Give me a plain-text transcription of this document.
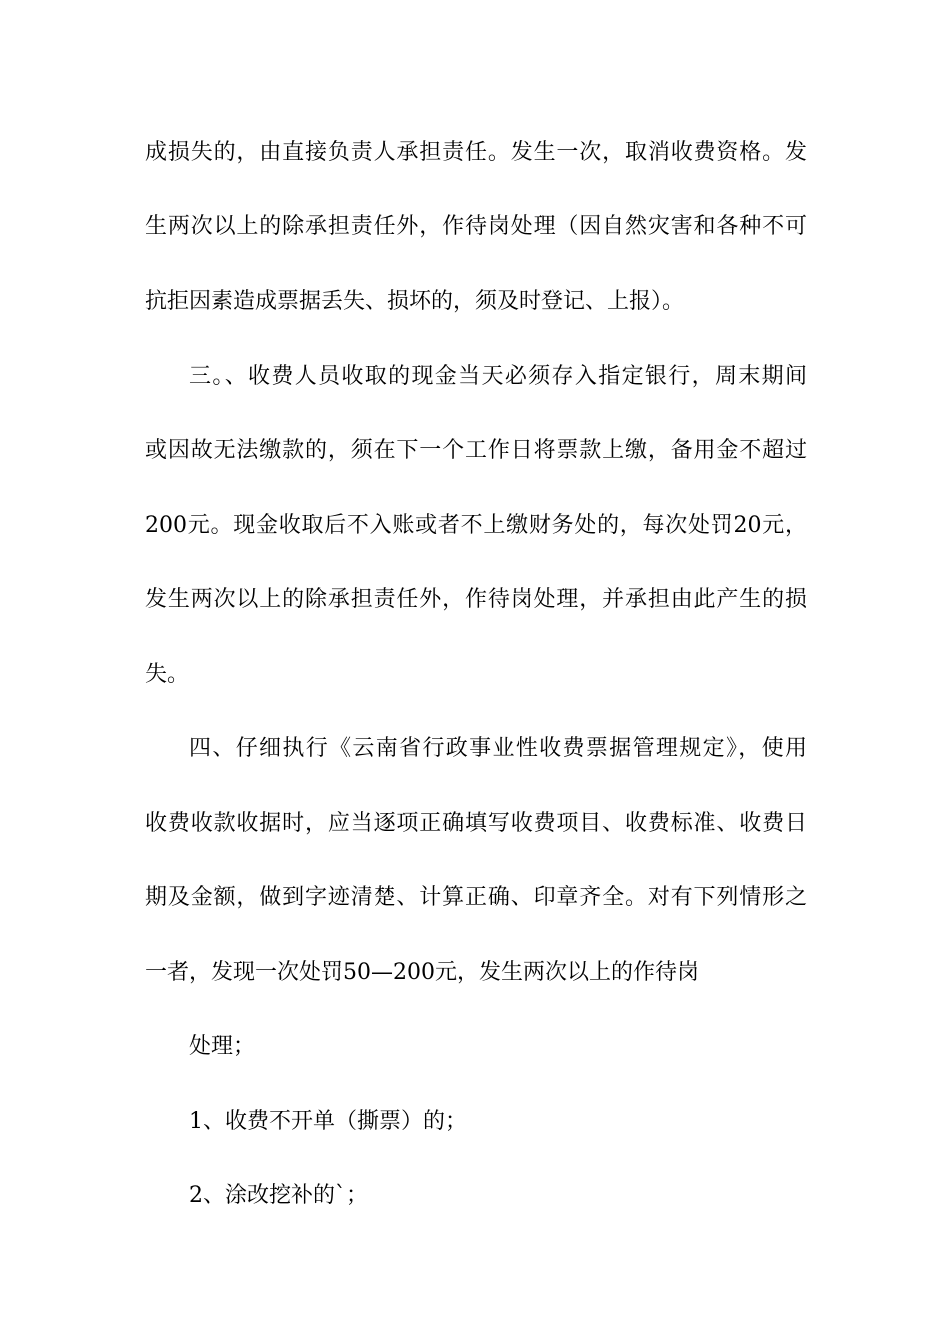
成损失的，由直接负责人承担责任。发生一次，取消收费资格。发
生两次以上的除承担责任外，作待岗处理（因自然灾害和各种不可
抗拒因素造成票据丢失、损坏的，须及时登记、上报）。
三。、收费人员收取的现金当天必须存入指定银行，周末期间
或因故无法缴款的，须在下一个工作日将票款上缴，备用金不超过
200元。现金收取后不入账或者不上缴财务处的，每次处罚20元，
发生两次以上的除承担责任外，作待岗处理，并承担由此产生的损
失。
四、仔细执行《云南省行政事业性收费票据管理规定》，使用
收费收款收据时，应当逐项正确填写收费项目、收费标准、收费日
期及金额，做到字迹清楚、计算正确、印章齐全。对有下列情形之
一者，发现一次处罚50—200元，发生两次以上的作待岗
处理；
1、收费不开单（撕票）的；
2、涂改挖补的`；
